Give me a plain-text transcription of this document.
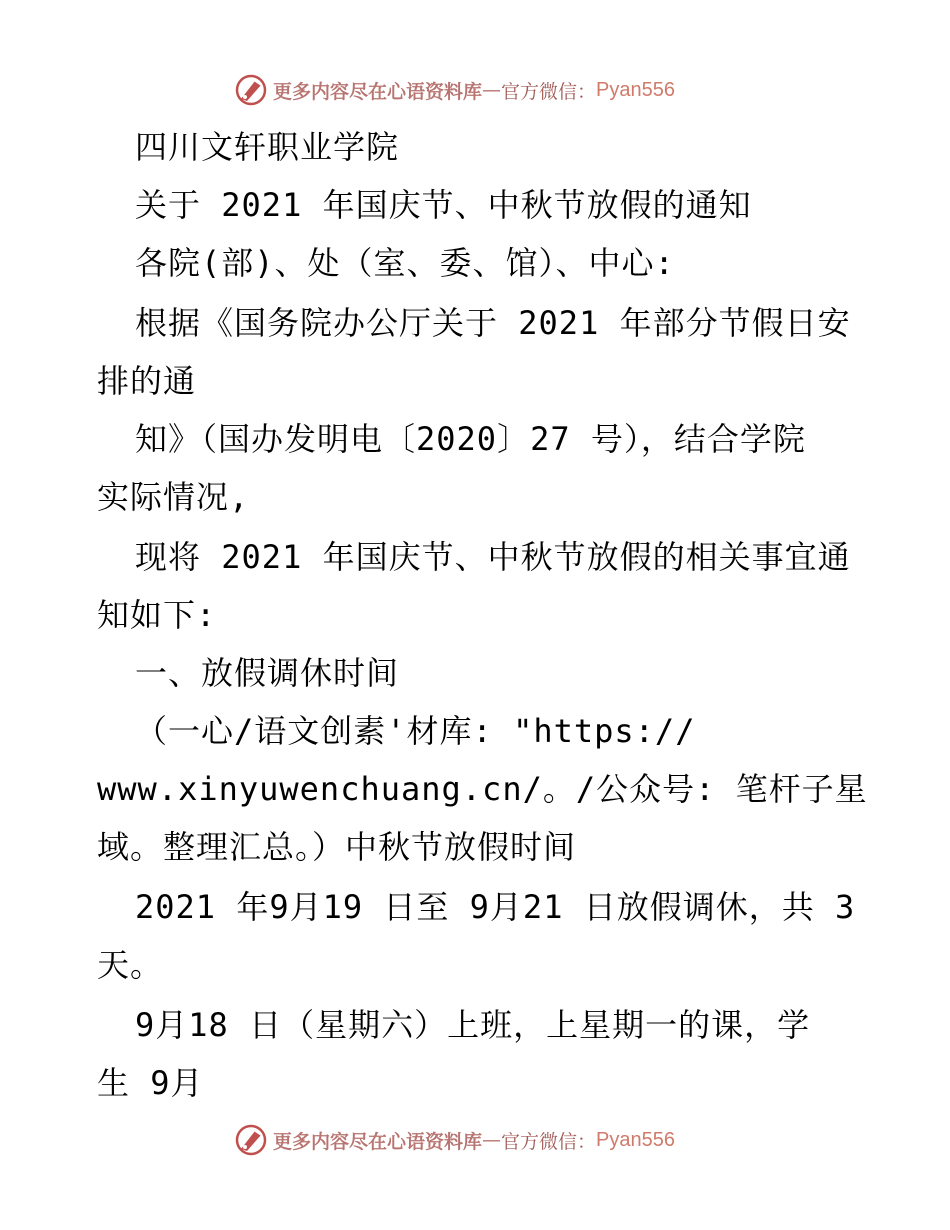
更多内容尽在心语资料库 — 官方微信： Pyan556
四川文轩职业学院
关于 2021 年国庆节、中秋节放假的通知
各院(部)、处（室、委、馆）、中心:
根据《国务院办公厅关于 2021 年部分节假日安
排的通
知》（国办发明电〔2020〕27 号），结合学院
实际情况,
现将 2021 年国庆节、中秋节放假的相关事宜通
知如下:
一、放假调休时间
（一心/语文创素'材库: "https://
www.xinyuwenchuang.cn/。/公众号: 笔杆子星
域。整理汇总。）中秋节放假时间
2021 年9月19 日至 9月21 日放假调休，共 3
天。
9月18 日（星期六）上班，上星期一的课，学
生 9月
更多内容尽在心语资料库 — 官方微信： Pyan556
